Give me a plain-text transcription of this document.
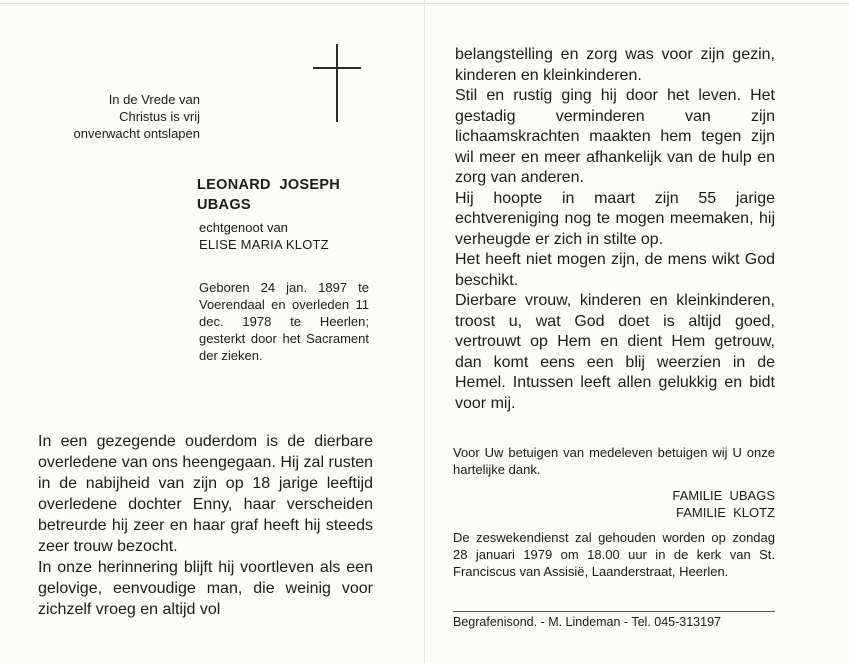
In de Vrede van
Christus is vrij
onverwacht ontslapen
LEONARD  JOSEPH
UBAGS
echtgenoot van
ELISE MARIA KLOTZ
Geboren 24 jan. 1897 te Voerendaal en overleden 11 dec. 1978 te Heerlen; gesterkt door het Sacrament der zieken.

In een gezegende ouderdom is de dierbare overledene van ons heengegaan. Hij zal rusten in de nabijheid van zijn op 18 jarige leeftijd overledene dochter Enny, haar verscheiden betreurde hij zeer en haar graf heeft hij steeds zeer trouw bezocht.

In onze herinnering blijft hij voortleven als een gelovige, eenvoudige man, die weinig voor zichzelf vroeg en altijd vol

belangstelling en zorg was voor zijn gezin, kinderen en kleinkinderen.

Stil en rustig ging hij door het leven. Het gestadig verminderen van zijn lichaamskrachten maakten hem tegen zijn wil meer en meer afhankelijk van de hulp en zorg van anderen.

Hij hoopte in maart zijn 55 jarige echtvereniging nog te mogen meemaken, hij verheugde er zich in stilte op.

Het heeft niet mogen zijn, de mens wikt God beschikt.

Dierbare vrouw, kinderen en kleinkinderen, troost u, wat God doet is altijd goed, vertrouwt op Hem en dient Hem getrouw, dan komt eens een blij weerzien in de Hemel. Intussen leeft allen gelukkig en bidt voor mij.

Voor Uw betuigen van medeleven betuigen wij U onze hartelijke dank.
FAMILIE  UBAGS
FAMILIE  KLOTZ
De zeswekendienst zal gehouden worden op zondag 28 januari 1979 om 18.00 uur in de kerk van St. Franciscus van Assisië, Laanderstraat, Heerlen.
Begrafenisond. - M. Lindeman - Tel. 045-313197
